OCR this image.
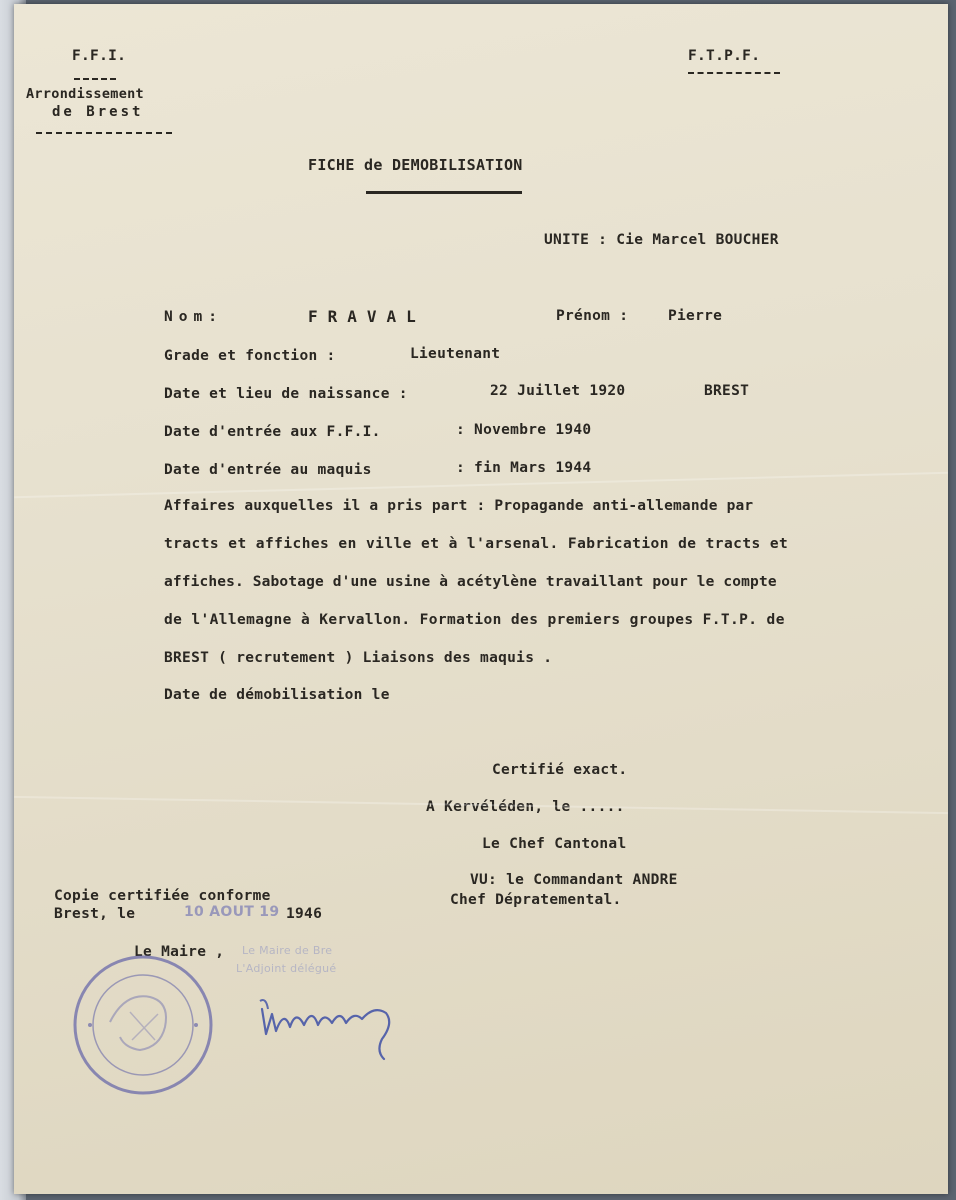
F.F.I.
Arrondissement
de Brest
F.T.P.F.
FICHE de DEMOBILISATION
UNITE : Cie Marcel BOUCHER
Nom:	FRAVAL	Prénom :	Pierre
Grade et fonction :	Lieutenant
Date et lieu de naissance :	22 Juillet 1920	BREST
Date d'entrée aux F.F.I.	: Novembre 1940
Date d'entrée au maquis	: fin Mars 1944
Affaires auxquelles il a pris part : Propagande anti-allemande par
tracts et affiches en ville et à l'arsenal. Fabrication de tracts et
affiches. Sabotage d'une usine à acétylène travaillant pour le compte
de l'Allemagne à Kervallon. Formation des premiers groupes F.T.P. de
BREST ( recrutement ) Liaisons des maquis .
Date de démobilisation le
Certifié exact.
A Kervéléden, le .....
Le Chef Cantonal
VU: le Commandant ANDRE
Chef Dépratemental.
Copie certifiée conforme
Brest, le	10 AOUT 19 1946
Le Maire , Le Maire de Bre
L'Adjoint délégué
